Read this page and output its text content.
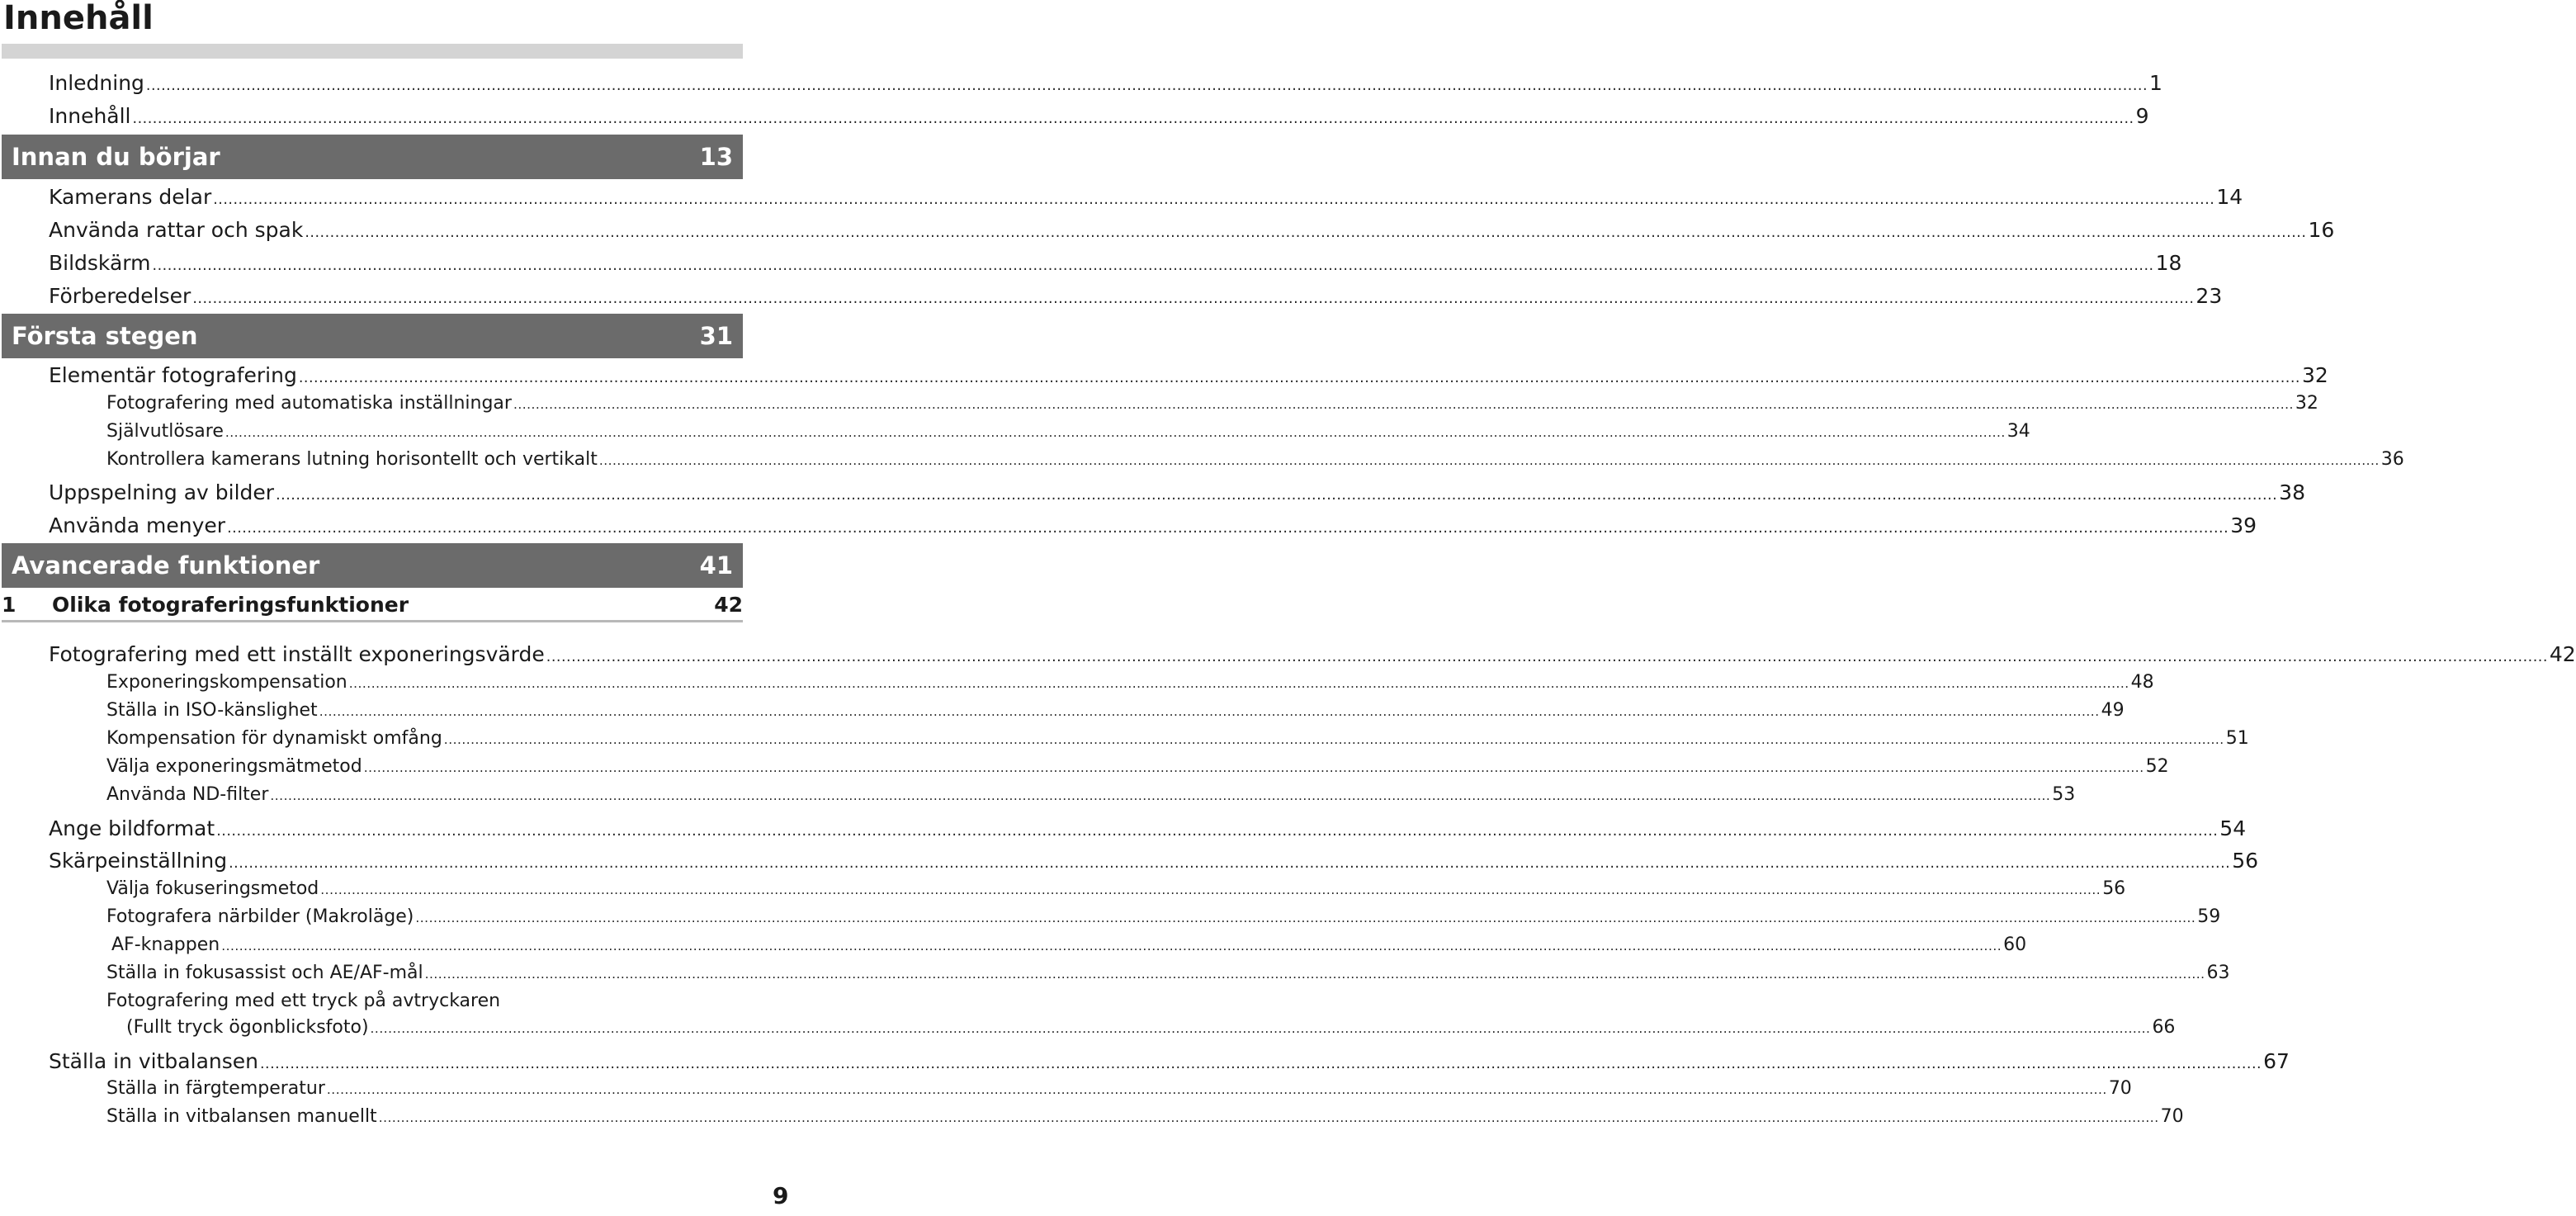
Innehåll
Inledning ................................................................................................................................................................................................................................................................................................................................................................................................................ 1
Innehåll ................................................................................................................................................................................................................................................................................................................................................................................................................ 9
Innan du börjar	13
Kamerans delar ................................................................................................................................................................................................................................................................................................................................................................................................................ 14
Använda rattar och spak ................................................................................................................................................................................................................................................................................................................................................................................................................ 16
Bildskärm ................................................................................................................................................................................................................................................................................................................................................................................................................ 18
Förberedelser ................................................................................................................................................................................................................................................................................................................................................................................................................ 23
Första stegen	31
Elementär fotografering ................................................................................................................................................................................................................................................................................................................................................................................................................ 32
Fotografering med automatiska inställningar ................................................................................................................................................................................................................................................................................................................................................................................................................ 32
Självutlösare ................................................................................................................................................................................................................................................................................................................................................................................................................ 34
Kontrollera kamerans lutning horisontellt och vertikalt ................................................................................................................................................................................................................................................................................................................................................................................................................ 36
Uppspelning av bilder ................................................................................................................................................................................................................................................................................................................................................................................................................ 38
Använda menyer ................................................................................................................................................................................................................................................................................................................................................................................................................ 39
Avancerade funktioner	41
1	Olika fotograferingsfunktioner	42
Fotografering med ett inställt exponeringsvärde ................................................................................................................................................................................................................................................................................................................................................................................................................ 42
Exponeringskompensation ................................................................................................................................................................................................................................................................................................................................................................................................................ 48
Ställa in ISO-känslighet ................................................................................................................................................................................................................................................................................................................................................................................................................ 49
Kompensation för dynamiskt omfång ................................................................................................................................................................................................................................................................................................................................................................................................................ 51
Välja exponeringsmätmetod ................................................................................................................................................................................................................................................................................................................................................................................................................ 52
Använda ND-filter ................................................................................................................................................................................................................................................................................................................................................................................................................ 53
Ange bildformat ................................................................................................................................................................................................................................................................................................................................................................................................................ 54
Skärpeinställning ................................................................................................................................................................................................................................................................................................................................................................................................................ 56
Välja fokuseringsmetod ................................................................................................................................................................................................................................................................................................................................................................................................................ 56
Fotografera närbilder (Makroläge) ................................................................................................................................................................................................................................................................................................................................................................................................................ 59
AF-knappen ................................................................................................................................................................................................................................................................................................................................................................................................................ 60
Ställa in fokusassist och AE/AF-mål ................................................................................................................................................................................................................................................................................................................................................................................................................ 63
Fotografering med ett tryck på avtryckaren
(Fullt tryck ögonblicksfoto) ................................................................................................................................................................................................................................................................................................................................................................................................................ 66
Ställa in vitbalansen ................................................................................................................................................................................................................................................................................................................................................................................................................ 67
Ställa in färgtemperatur ................................................................................................................................................................................................................................................................................................................................................................................................................ 70
Ställa in vitbalansen manuellt ................................................................................................................................................................................................................................................................................................................................................................................................................ 70
9
